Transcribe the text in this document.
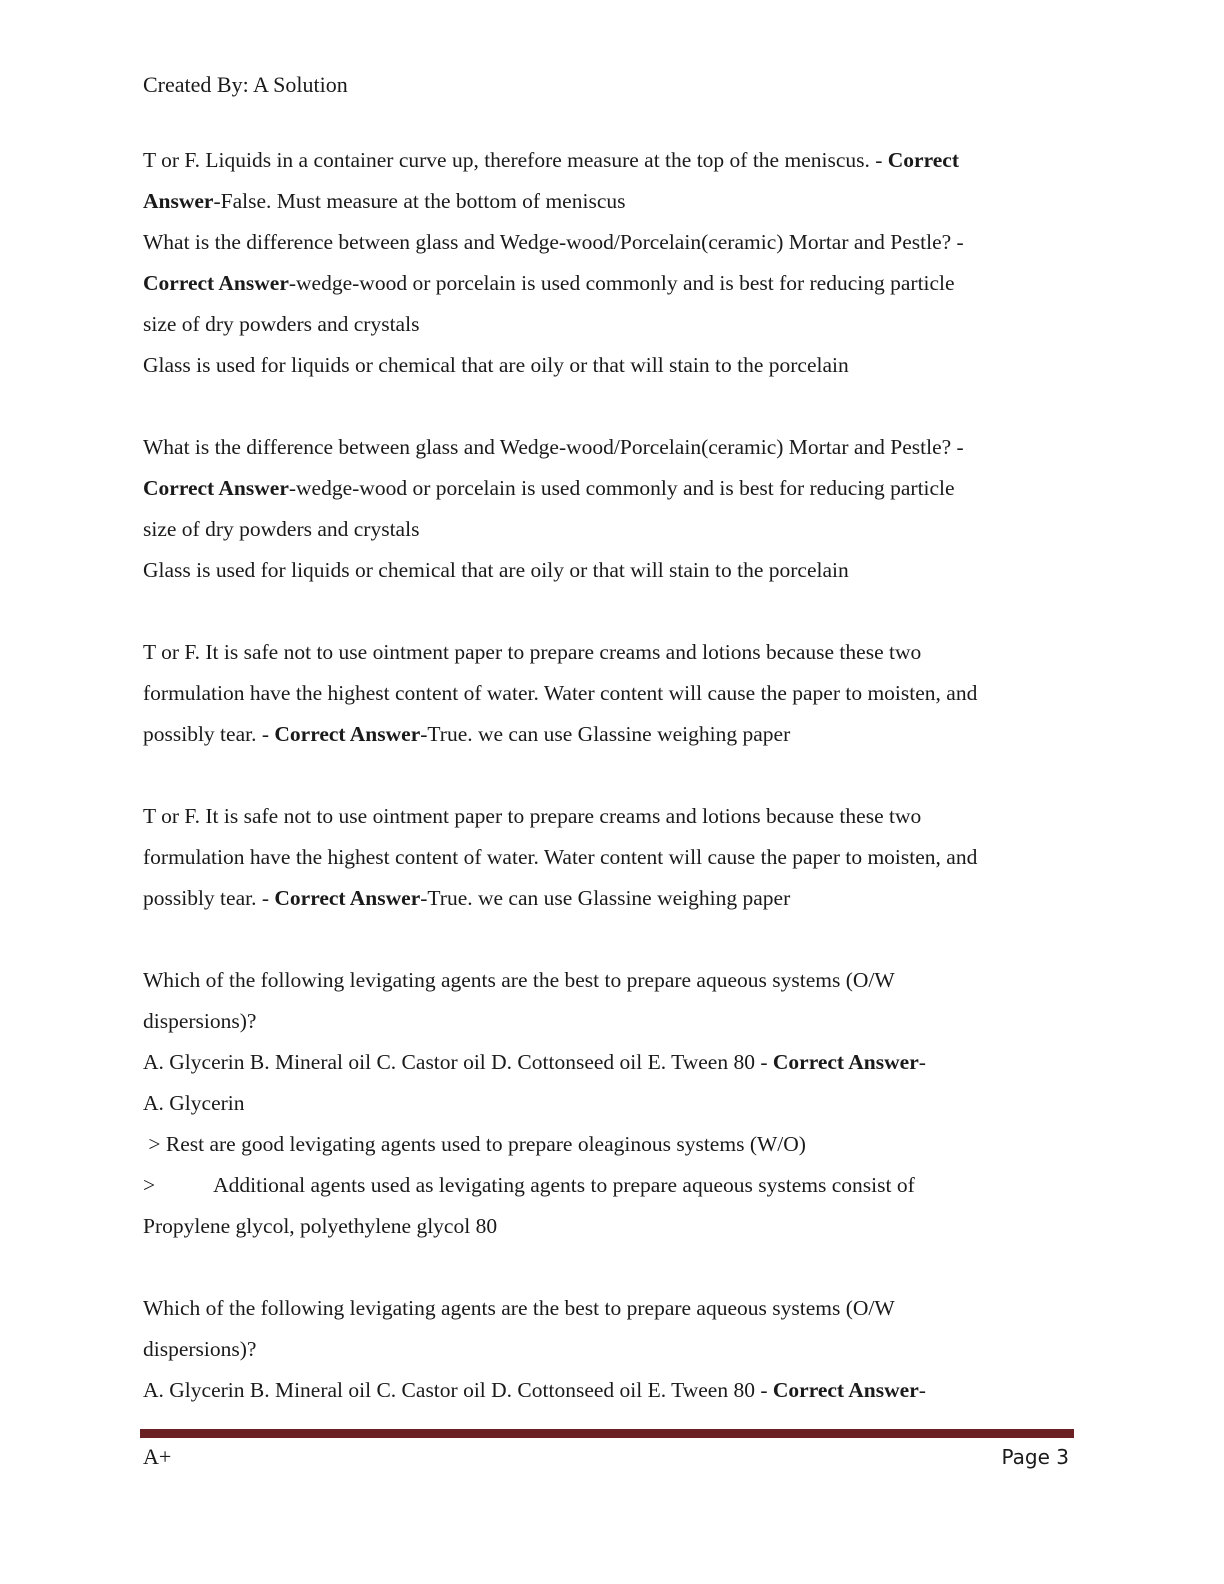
Created By: A Solution
T or F. Liquids in a container curve up, therefore measure at the top of the meniscus. - Correct
Answer-False. Must measure at the bottom of meniscus
What is the difference between glass and Wedge-wood/Porcelain(ceramic) Mortar and Pestle? -
Correct Answer-wedge-wood or porcelain is used commonly and is best for reducing particle
size of dry powders and crystals
Glass is used for liquids or chemical that are oily or that will stain to the porcelain
What is the difference between glass and Wedge-wood/Porcelain(ceramic) Mortar and Pestle? -
Correct Answer-wedge-wood or porcelain is used commonly and is best for reducing particle
size of dry powders and crystals
Glass is used for liquids or chemical that are oily or that will stain to the porcelain
T or F. It is safe not to use ointment paper to prepare creams and lotions because these two
formulation have the highest content of water. Water content will cause the paper to moisten, and
possibly tear. - Correct Answer-True. we can use Glassine weighing paper
T or F. It is safe not to use ointment paper to prepare creams and lotions because these two
formulation have the highest content of water. Water content will cause the paper to moisten, and
possibly tear. - Correct Answer-True. we can use Glassine weighing paper
Which of the following levigating agents are the best to prepare aqueous systems (O/W
dispersions)?
A. Glycerin B. Mineral oil C. Castor oil D. Cottonseed oil E. Tween 80 - Correct Answer-
A. Glycerin
> Rest are good levigating agents used to prepare oleaginous systems (W/O)
>	Additional agents used as levigating agents to prepare aqueous systems consist of
Propylene glycol, polyethylene glycol 80
Which of the following levigating agents are the best to prepare aqueous systems (O/W
dispersions)?
A. Glycerin B. Mineral oil C. Castor oil D. Cottonseed oil E. Tween 80 - Correct Answer-
A+	Page 3
